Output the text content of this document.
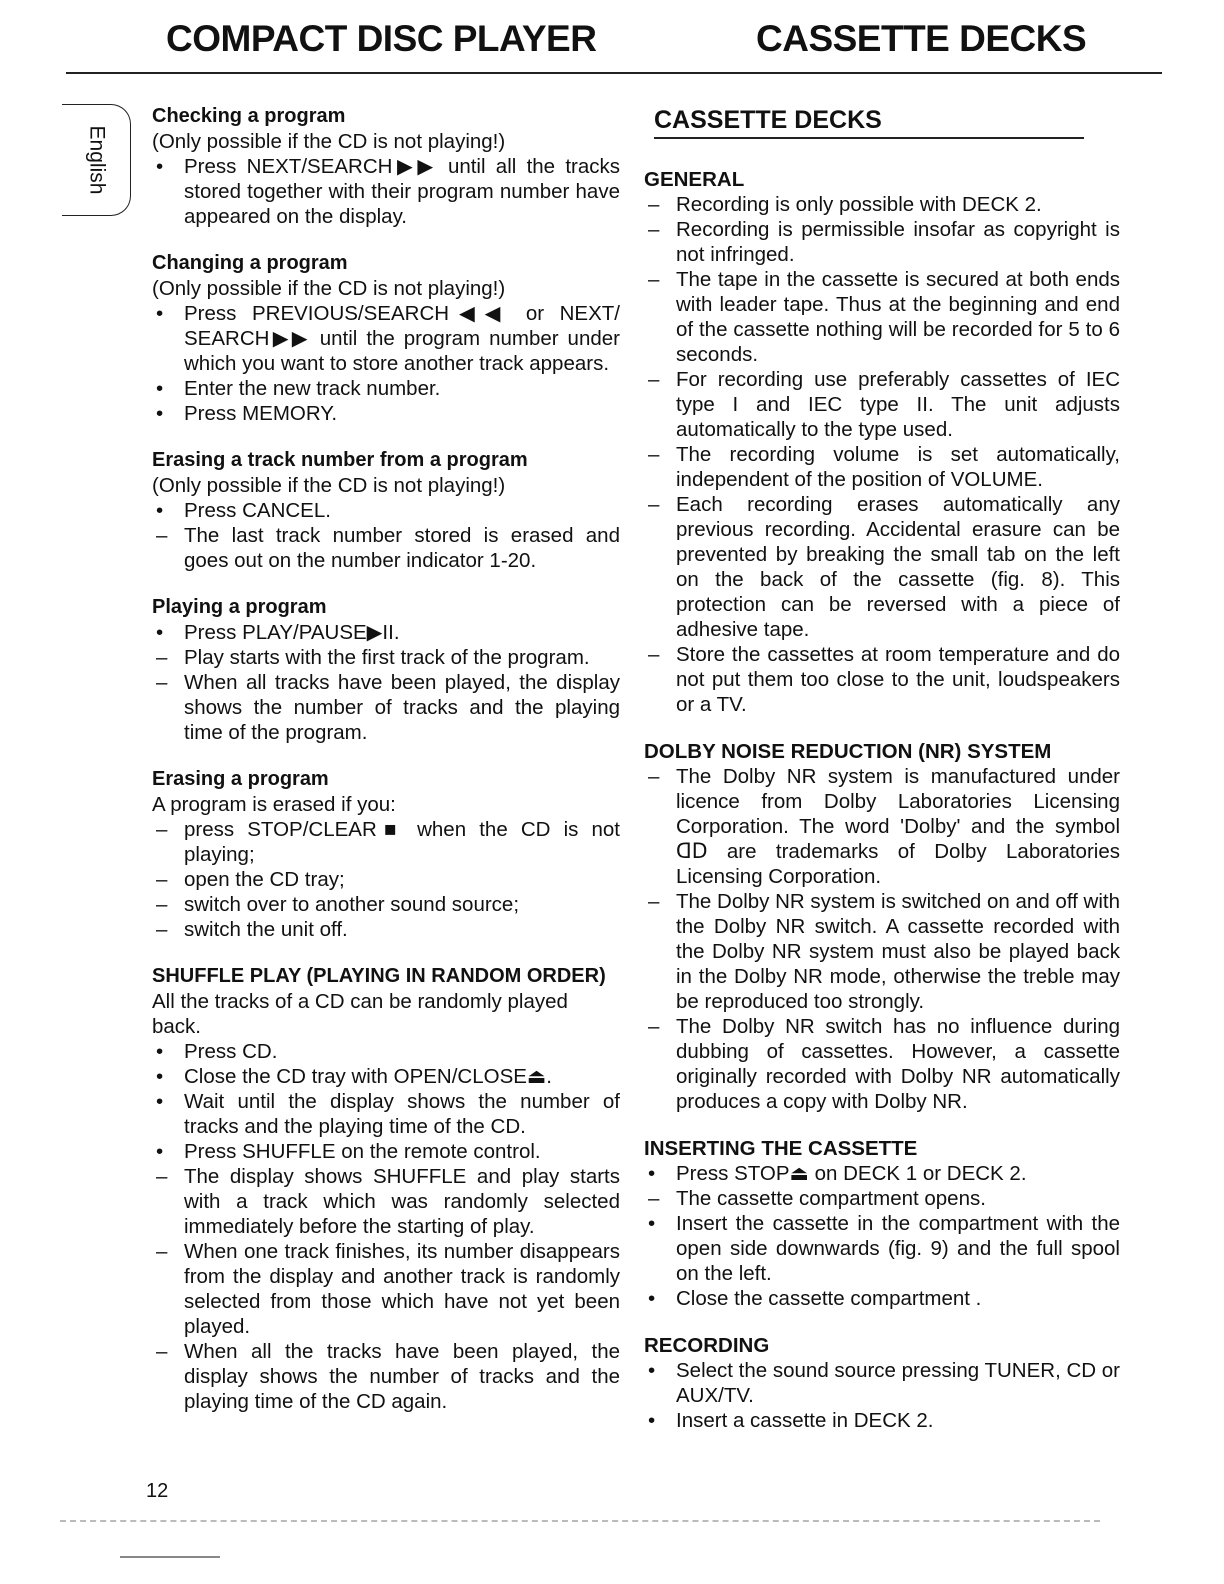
COMPACT DISC PLAYER	CASSETTE DECKS
English
Checking a program
(Only possible if the CD is not playing!)
• Press NEXT/SEARCH▶▶ until all the tracks stored together with their program number have appeared on the display.
Changing a program
(Only possible if the CD is not playing!)
• Press PREVIOUS/SEARCH◀◀ or NEXT/ SEARCH▶▶ until the program number under which you want to store another track appears.
• Enter the new track number.
• Press MEMORY.
Erasing a track number from a program
(Only possible if the CD is not playing!)
• Press CANCEL.
– The last track number stored is erased and goes out on the number indicator 1-20.
Playing a program
• Press PLAY/PAUSE▶II.
– Play starts with the first track of the program.
– When all tracks have been played, the display shows the number of tracks and the playing time of the program.
Erasing a program
A program is erased if you:
– press STOP/CLEAR■ when the CD is not playing;
– open the CD tray;
– switch over to another sound source;
– switch the unit off.
SHUFFLE PLAY (PLAYING IN RANDOM ORDER)
All the tracks of a CD can be randomly played back.
• Press CD.
• Close the CD tray with OPEN/CLOSE⏏.
• Wait until the display shows the number of tracks and the playing time of the CD.
• Press SHUFFLE on the remote control.
– The display shows SHUFFLE and play starts with a track which was randomly selected immediately before the starting of play.
– When one track finishes, its number disappears from the display and another track is randomly selected from those which have not yet been played.
– When all the tracks have been played, the display shows the number of tracks and the playing time of the CD again.
CASSETTE DECKS
GENERAL
– Recording is only possible with DECK 2.
– Recording is permissible insofar as copyright is not infringed.
– The tape in the cassette is secured at both ends with leader tape. Thus at the beginning and end of the cassette nothing will be recorded for 5 to 6 seconds.
– For recording use preferably cassettes of IEC type I and IEC type II. The unit adjusts automatically to the type used.
– The recording volume is set automatically, independent of the position of VOLUME.
– Each recording erases automatically any previous recording. Accidental erasure can be prevented by breaking the small tab on the left on the back of the cassette (fig. 8). This protection can be reversed with a piece of adhesive tape.
– Store the cassettes at room temperature and do not put them too close to the unit, loudspeakers or a TV.
DOLBY NOISE REDUCTION (NR) SYSTEM
– The Dolby NR system is manufactured under licence from Dolby Laboratories Licensing Corporation. The word 'Dolby' and the symbol ᗡᗞ are trademarks of Dolby Laboratories Licensing Corporation.
– The Dolby NR system is switched on and off with the Dolby NR switch. A cassette recorded with the Dolby NR system must also be played back in the Dolby NR mode, otherwise the treble may be reproduced too strongly.
– The Dolby NR switch has no influence during dubbing of cassettes. However, a cassette originally recorded with Dolby NR automatically produces a copy with Dolby NR.
INSERTING THE CASSETTE
• Press STOP⏏ on DECK 1 or DECK 2.
– The cassette compartment opens.
• Insert the cassette in the compartment with the open side downwards (fig. 9) and the full spool on the left.
• Close the cassette compartment .
RECORDING
• Select the sound source pressing TUNER, CD or AUX/TV.
• Insert a cassette in DECK 2.
12
